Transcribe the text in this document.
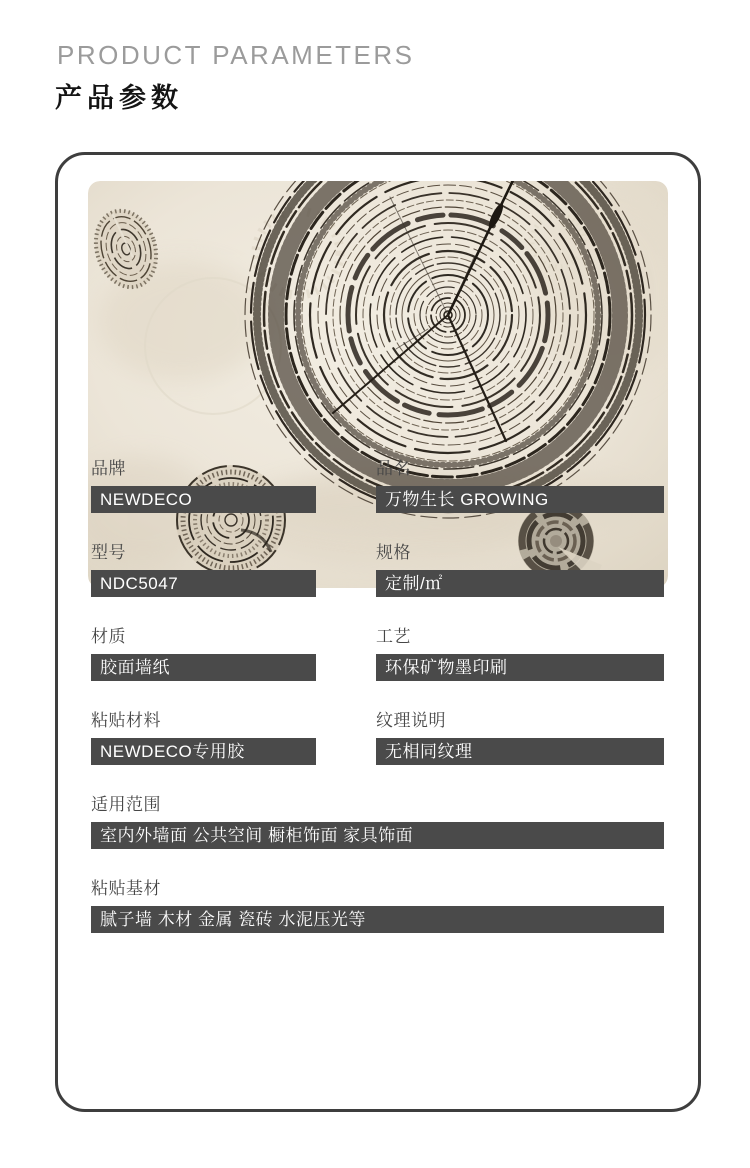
PRODUCT PARAMETERS
产品参数
品牌
NEWDECO
品名
万物生长 GROWING
型号
NDC5047
规格
定制/㎡
材质
胶面墙纸
工艺
环保矿物墨印刷
粘贴材料
NEWDECO专用胶
纹理说明
无相同纹理
适用范围
室内外墙面 公共空间 橱柜饰面 家具饰面
粘贴基材
腻子墙 木材 金属 瓷砖 水泥压光等
